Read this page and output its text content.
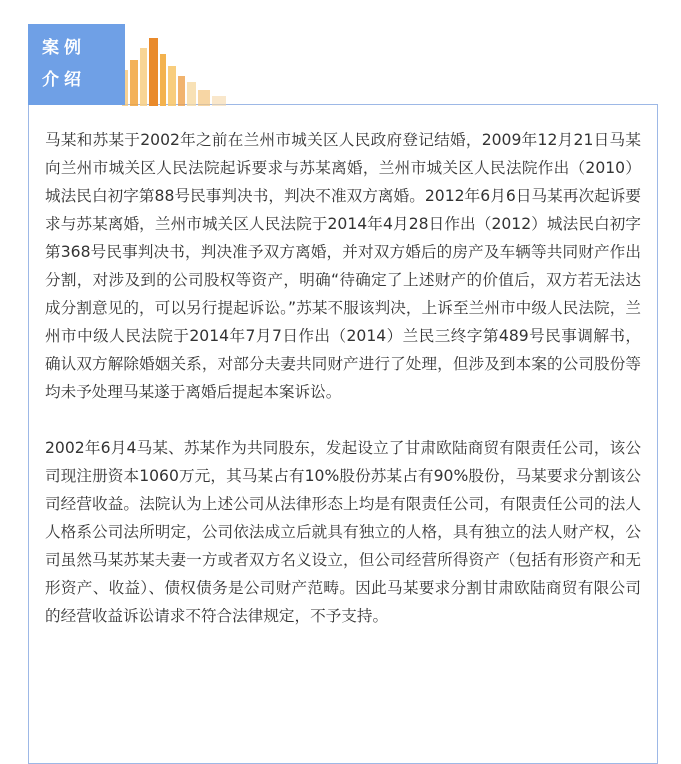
案例
介绍

马某和苏某于2002年之前在兰州市城关区人民政府登记结婚，2009年12月21日马某向兰州市城关区人民法院起诉要求与苏某离婚，兰州市城关区人民法院作出（2010）城法民白初字第88号民事判决书，判决不准双方离婚。2012年6月6日马某再次起诉要求与苏某离婚，兰州市城关区人民法院于2014年4月28日作出（2012）城法民白初字第368号民事判决书，判决准予双方离婚，并对双方婚后的房产及车辆等共同财产作出分割，对涉及到的公司股权等资产，明确“待确定了上述财产的价值后，双方若无法达成分割意见的，可以另行提起诉讼。”苏某不服该判决，上诉至兰州市中级人民法院，兰州市中级人民法院于2014年7月7日作出（2014）兰民三终字第489号民事调解书，确认双方解除婚姻关系，对部分夫妻共同财产进行了处理，但涉及到本案的公司股份等均未予处理马某遂于离婚后提起本案诉讼。

2002年6月4马某、苏某作为共同股东，发起设立了甘肃欧陆商贸有限责任公司，该公司现注册资本1060万元，其马某占有10%股份苏某占有90%股份，马某要求分割该公司经营收益。法院认为上述公司从法律形态上均是有限责任公司，有限责任公司的法人人格系公司法所明定，公司依法成立后就具有独立的人格，具有独立的法人财产权，公司虽然马某苏某夫妻一方或者双方名义设立，但公司经营所得资产（包括有形资产和无形资产、收益）、债权债务是公司财产范畴。因此马某要求分割甘肃欧陆商贸有限公司的经营收益诉讼请求不符合法律规定，不予支持。
